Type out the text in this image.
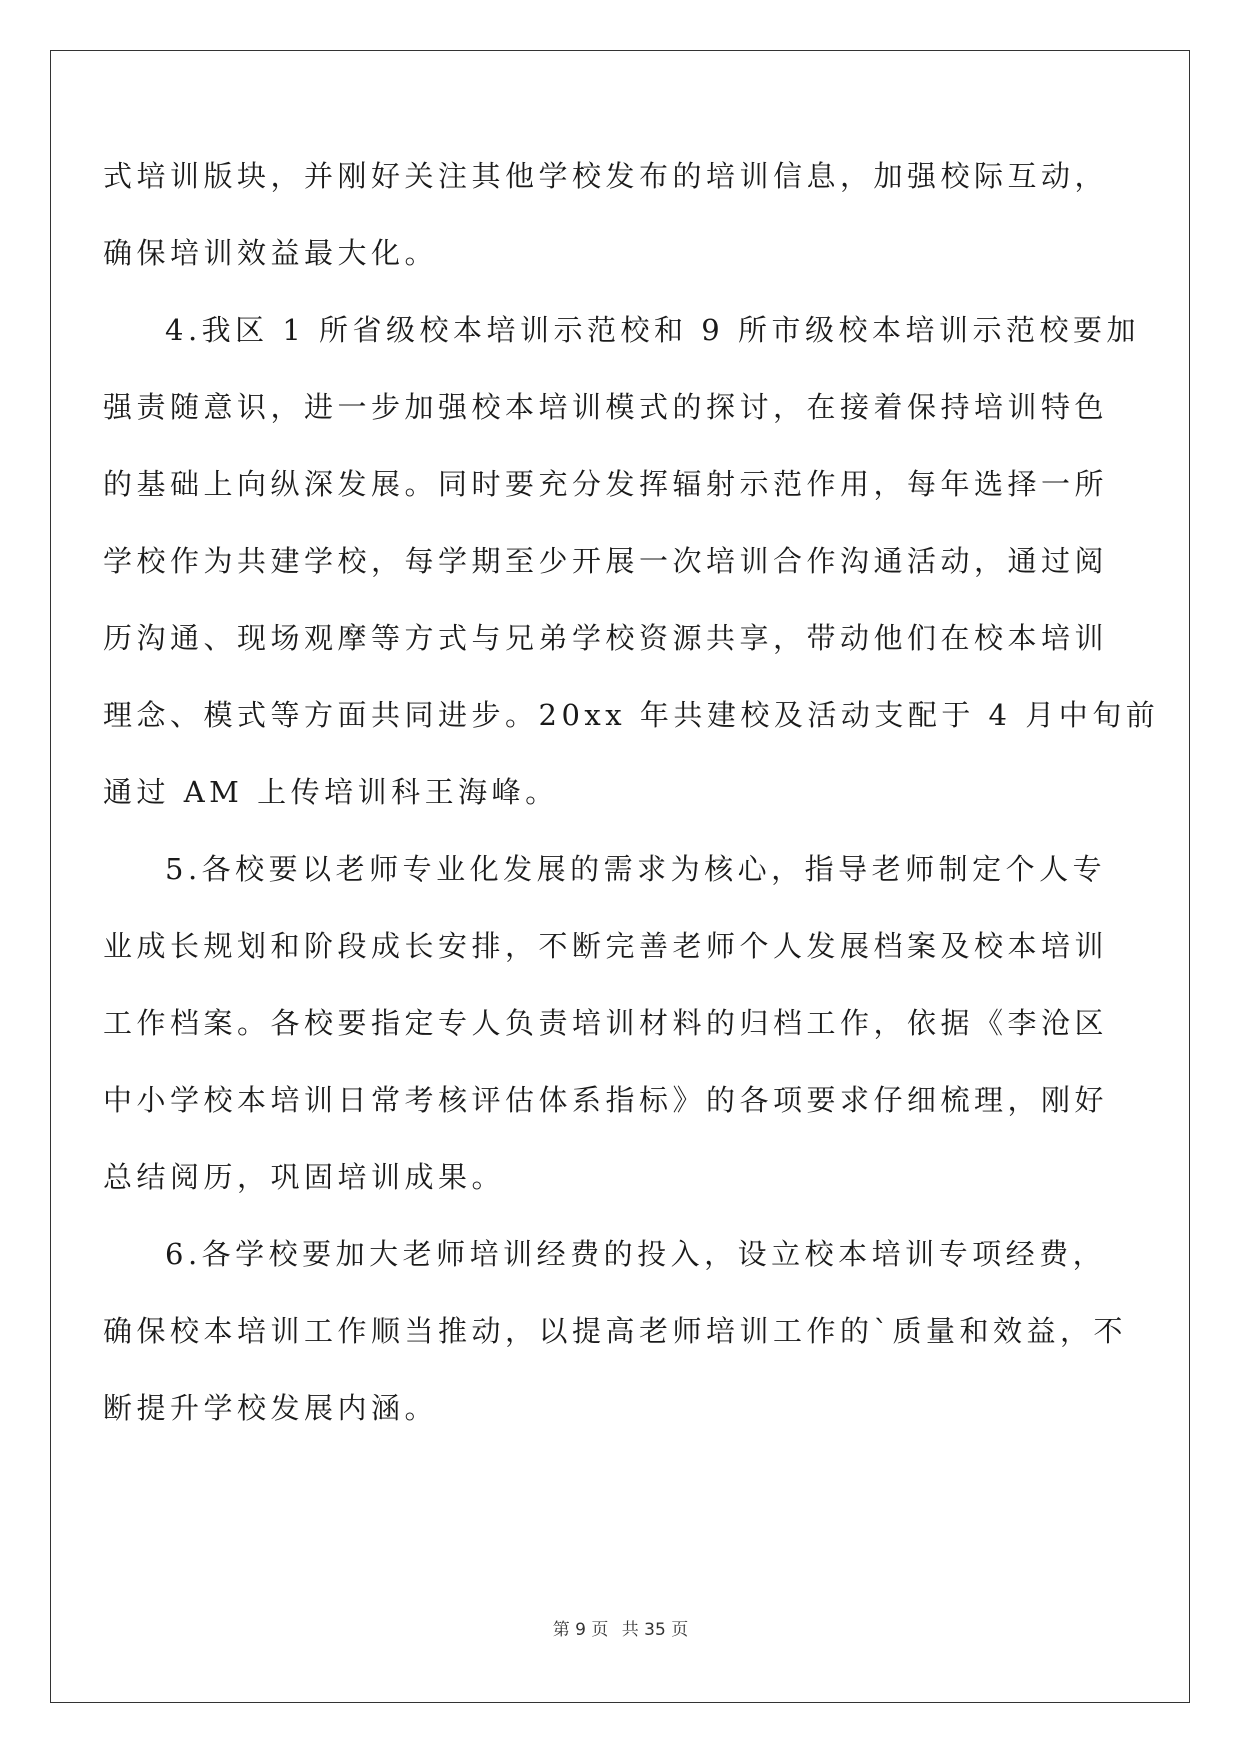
式培训版块，并刚好关注其他学校发布的培训信息，加强校际互动，

确保培训效益最大化。

4.我区 1 所省级校本培训示范校和 9 所市级校本培训示范校要加

强责随意识，进一步加强校本培训模式的探讨，在接着保持培训特色

的基础上向纵深发展。同时要充分发挥辐射示范作用，每年选择一所

学校作为共建学校，每学期至少开展一次培训合作沟通活动，通过阅

历沟通、现场观摩等方式与兄弟学校资源共享，带动他们在校本培训

理念、模式等方面共同进步。20xx 年共建校及活动支配于 4 月中旬前

通过 AM 上传培训科王海峰。

5.各校要以老师专业化发展的需求为核心，指导老师制定个人专

业成长规划和阶段成长安排，不断完善老师个人发展档案及校本培训

工作档案。各校要指定专人负责培训材料的归档工作，依据《李沧区

中小学校本培训日常考核评估体系指标》的各项要求仔细梳理，刚好

总结阅历，巩固培训成果。

6.各学校要加大老师培训经费的投入，设立校本培训专项经费，

确保校本培训工作顺当推动，以提高老师培训工作的`质量和效益，不

断提升学校发展内涵。

第 9 页 共 35 页
